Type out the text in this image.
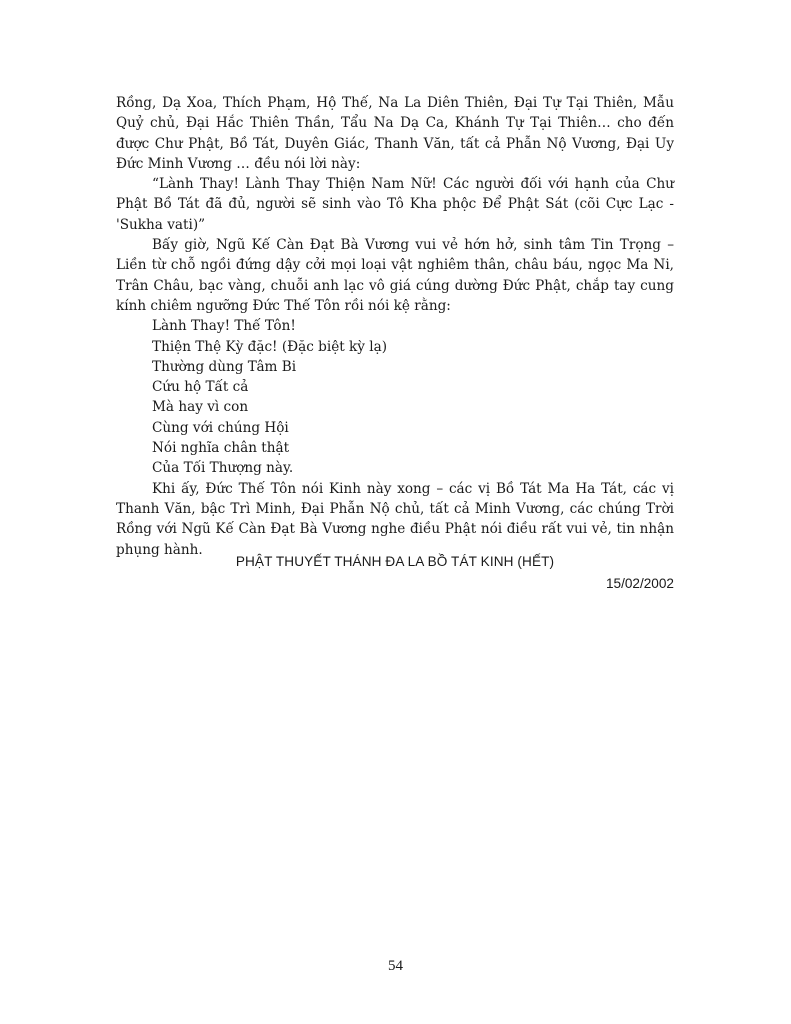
Rồng, Dạ Xoa, Thích Phạm, Hộ Thế, Na La Diên Thiên, Đại Tự Tại Thiên, Mẫu Quỷ chủ, Đại Hắc Thiên Thần, Tẩu Na Dạ Ca, Khánh Tự Tại Thiên… cho đến được Chư Phật, Bồ Tát, Duyên Giác, Thanh Văn, tất cả Phẫn Nộ Vương, Đại Uy Đức Minh Vương … đều nói lời này:

“Lành Thay! Lành Thay Thiện Nam Nữ! Các người đối với hạnh của Chư Phật Bồ Tát đã đủ, người sẽ sinh vào Tô Kha phộc Để Phật Sát (cõi Cực Lạc - 'Sukha vati)”

Bấy giờ, Ngũ Kế Càn Đạt Bà Vương vui vẻ hớn hở, sinh tâm Tin Trọng – Liền từ chỗ ngồi đứng dậy cởi mọi loại vật nghiêm thân, châu báu, ngọc Ma Ni, Trân Châu, bạc vàng, chuỗi anh lạc vô giá cúng dường Đức Phật, chắp tay cung kính chiêm ngưỡng Đức Thế Tôn rồi nói kệ rằng:

Lành Thay! Thế Tôn!
Thiện Thệ Kỳ đặc! (Đặc biệt kỳ lạ)
Thường dùng Tâm Bi
Cứu hộ Tất cả
Mà hay vì con
Cùng với chúng Hội
Nói nghĩa chân thật
Của Tối Thượng này.

Khi ấy, Đức Thế Tôn nói Kinh này xong – các vị Bồ Tát Ma Ha Tát, các vị Thanh Văn, bậc Trì Minh, Đại Phẫn Nộ chủ, tất cả Minh Vương, các chúng Trời Rồng với Ngũ Kế Càn Đạt Bà Vương nghe điều Phật nói điều rất vui vẻ, tin nhận phụng hành.

PHẬT THUYẾT THÁNH ĐA LA BỒ TÁT KINH (HẾT)
15/02/2002
54
